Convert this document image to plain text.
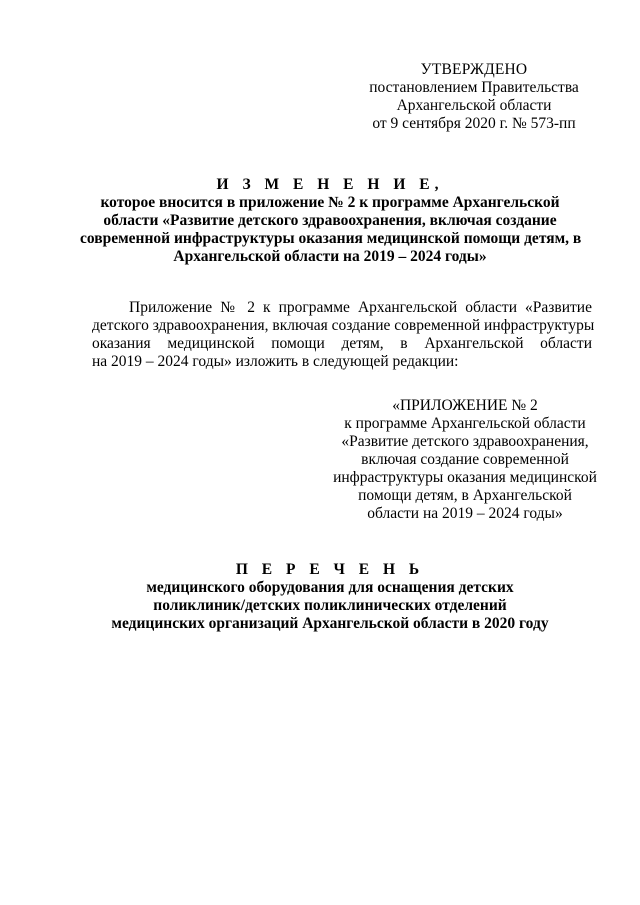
УТВЕРЖДЕНО
постановлением Правительства
Архангельской области
от 9 сентября 2020 г. № 573-пп
И З М Е Н Е Н И Е,
которое вносится в приложение № 2 к программе Архангельской
области «Развитие детского здравоохранения, включая создание
современной инфраструктуры оказания медицинской помощи детям, в
Архангельской области на 2019 – 2024 годы»
Приложение № 2 к программе Архангельской области «Развитие
детского здравоохранения, включая создание современной инфраструктуры
оказания медицинской помощи детям, в Архангельской области
на 2019 – 2024 годы» изложить в следующей редакции:
«ПРИЛОЖЕНИЕ № 2
к программе Архангельской области
«Развитие детского здравоохранения,
включая создание современной
инфраструктуры оказания медицинской
помощи детям, в Архангельской
области на 2019 – 2024 годы»
П Е Р Е Ч Е Н Ь
медицинского оборудования для оснащения детских
поликлиник/детских поликлинических отделений
медицинских организаций Архангельской области в 2020 году
